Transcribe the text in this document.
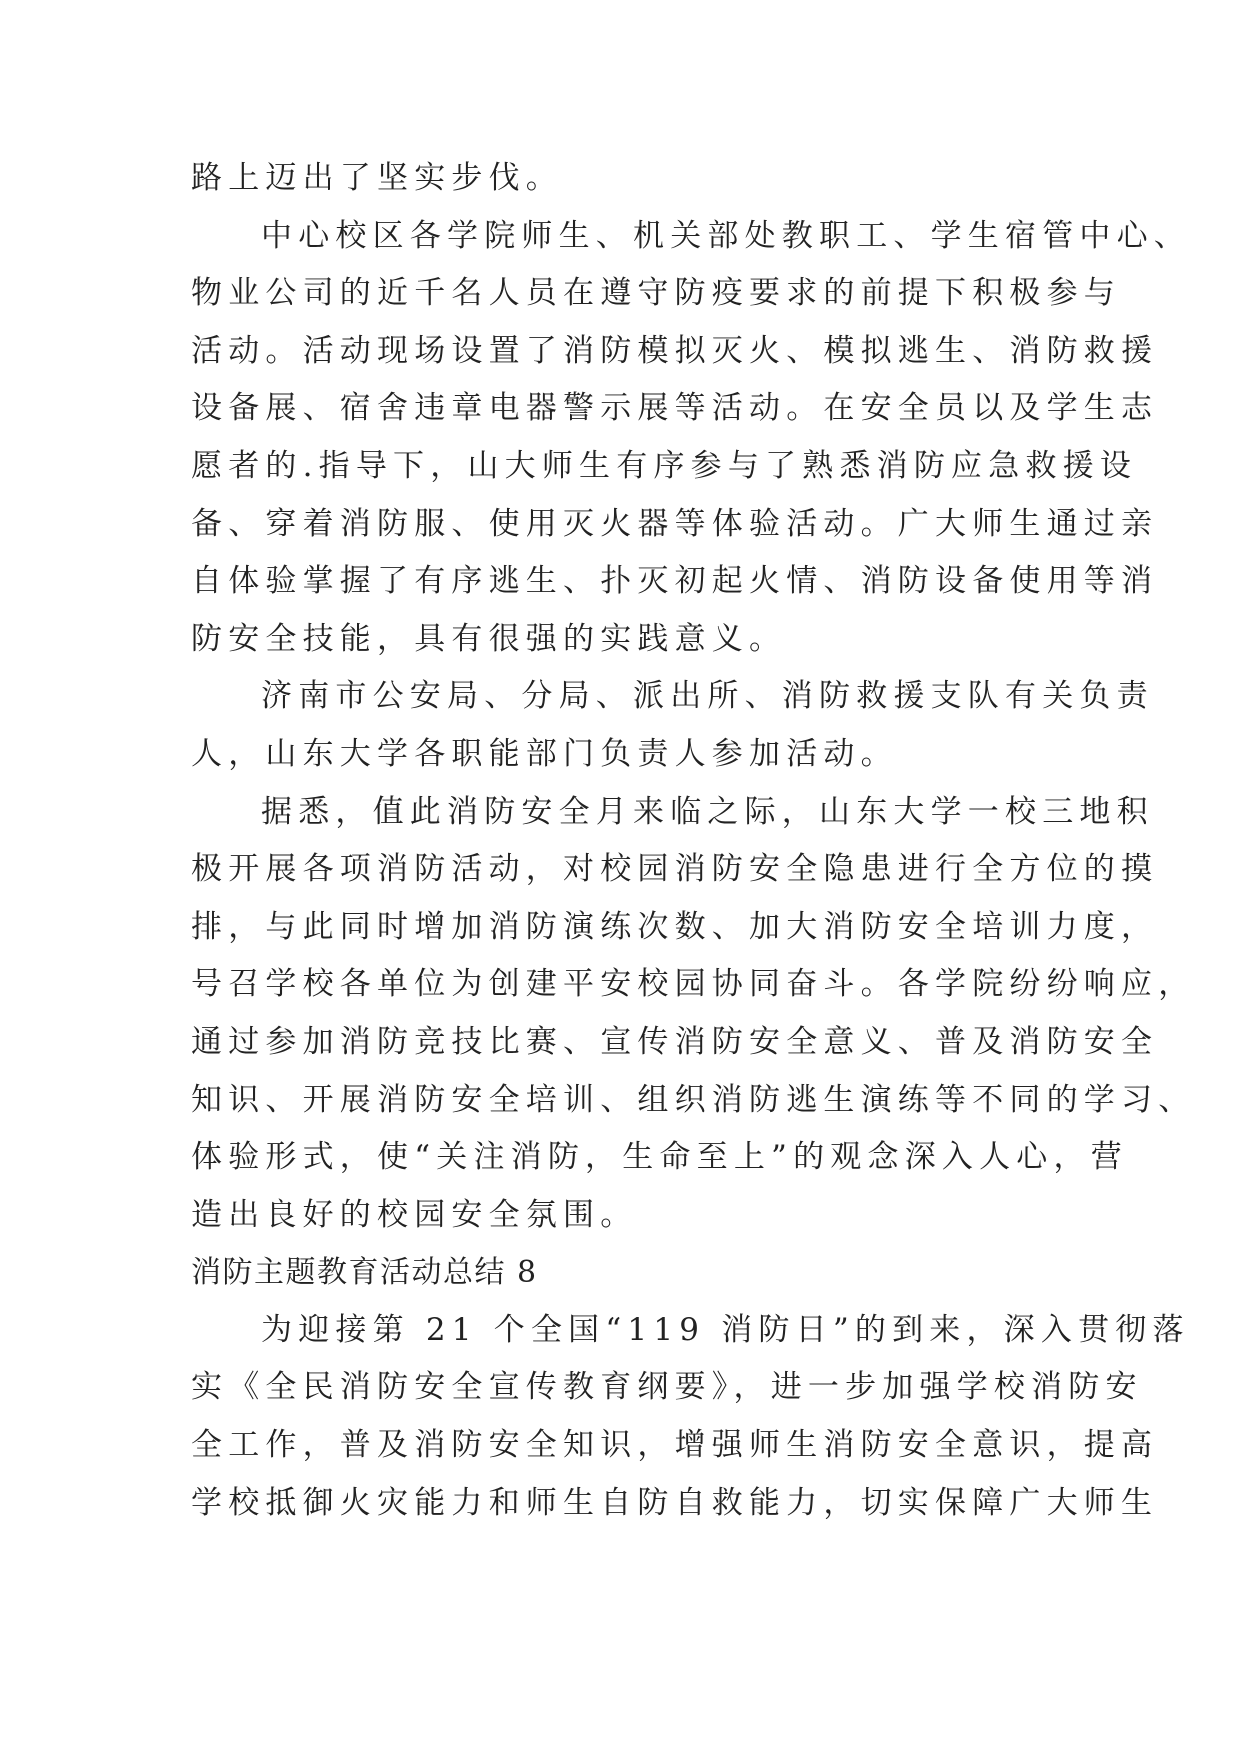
路上迈出了坚实步伐。
中心校区各学院师生、机关部处教职工、学生宿管中心、
物业公司的近千名人员在遵守防疫要求的前提下积极参与
活动。活动现场设置了消防模拟灭火、模拟逃生、消防救援
设备展、宿舍违章电器警示展等活动。在安全员以及学生志
愿者的.指导下，山大师生有序参与了熟悉消防应急救援设
备、穿着消防服、使用灭火器等体验活动。广大师生通过亲
自体验掌握了有序逃生、扑灭初起火情、消防设备使用等消
防安全技能，具有很强的实践意义。
济南市公安局、分局、派出所、消防救援支队有关负责
人，山东大学各职能部门负责人参加活动。
据悉，值此消防安全月来临之际，山东大学一校三地积
极开展各项消防活动，对校园消防安全隐患进行全方位的摸
排，与此同时增加消防演练次数、加大消防安全培训力度，
号召学校各单位为创建平安校园协同奋斗。各学院纷纷响应，
通过参加消防竞技比赛、宣传消防安全意义、普及消防安全
知识、开展消防安全培训、组织消防逃生演练等不同的学习、
体验形式，使“关注消防，生命至上”的观念深入人心，营
造出良好的校园安全氛围。
消防主题教育活动总结 8
为迎接第 21 个全国“119 消防日”的到来，深入贯彻落
实《全民消防安全宣传教育纲要》，进一步加强学校消防安
全工作，普及消防安全知识，增强师生消防安全意识，提高
学校抵御火灾能力和师生自防自救能力，切实保障广大师生
